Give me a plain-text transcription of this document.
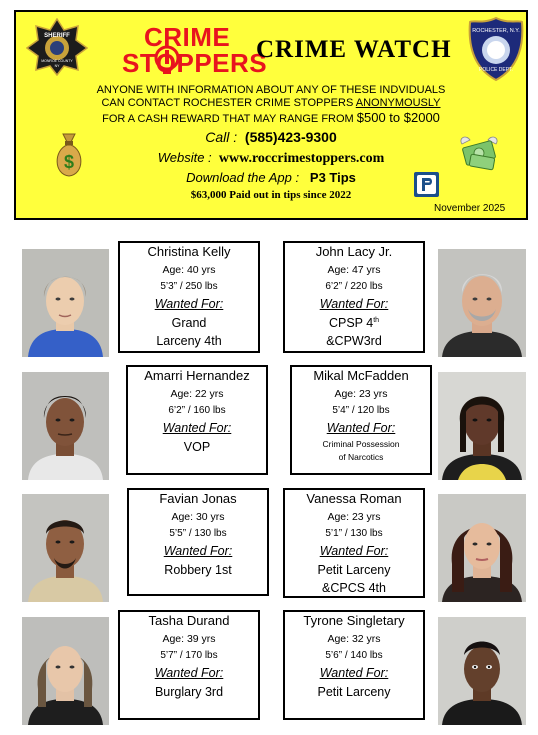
SHERIFF
MONROE COUNTY
NY
CRIME
STOPPERS
CRIME WATCH
ROCHESTER, N.Y.
POLICE DEPT.
ANYONE WITH INFORMATION ABOUT ANY OF THESE INDVIDUALS
CAN CONTACT ROCHESTER CRIME STOPPERS ANONYMOUSLY
FOR A CASH REWARD THAT MAY RANGE FROM $500 to $2000
Call : (585)423-9300
Website : www.roccrimestoppers.com
Download the App : P3 Tips
$63,000 Paid out in tips since 2022
$
November 2025
Christina Kelly
Age: 40 yrs
5’3” / 250 lbs
Wanted For:
Grand
Larceny 4th
John Lacy Jr.
Age: 47 yrs
6’2” / 220 lbs
Wanted For:
CPSP 4th
&CPW3rd
Amarri Hernandez
Age: 22 yrs
6’2” / 160 lbs
Wanted For:
VOP
Mikal McFadden
Age: 23 yrs
5’4” / 120 lbs
Wanted For:
Criminal Possession
of Narcotics
Favian Jonas
Age: 30 yrs
5’5” / 130 lbs
Wanted For:
Robbery 1st
Vanessa Roman
Age: 23 yrs
5’1” / 130 lbs
Wanted For:
Petit Larceny
&CPCS 4th
Tasha Durand
Age: 39 yrs
5’7” / 170 lbs
Wanted For:
Burglary 3rd
Tyrone Singletary
Age: 32 yrs
5’6” / 140 lbs
Wanted For:
Petit Larceny
